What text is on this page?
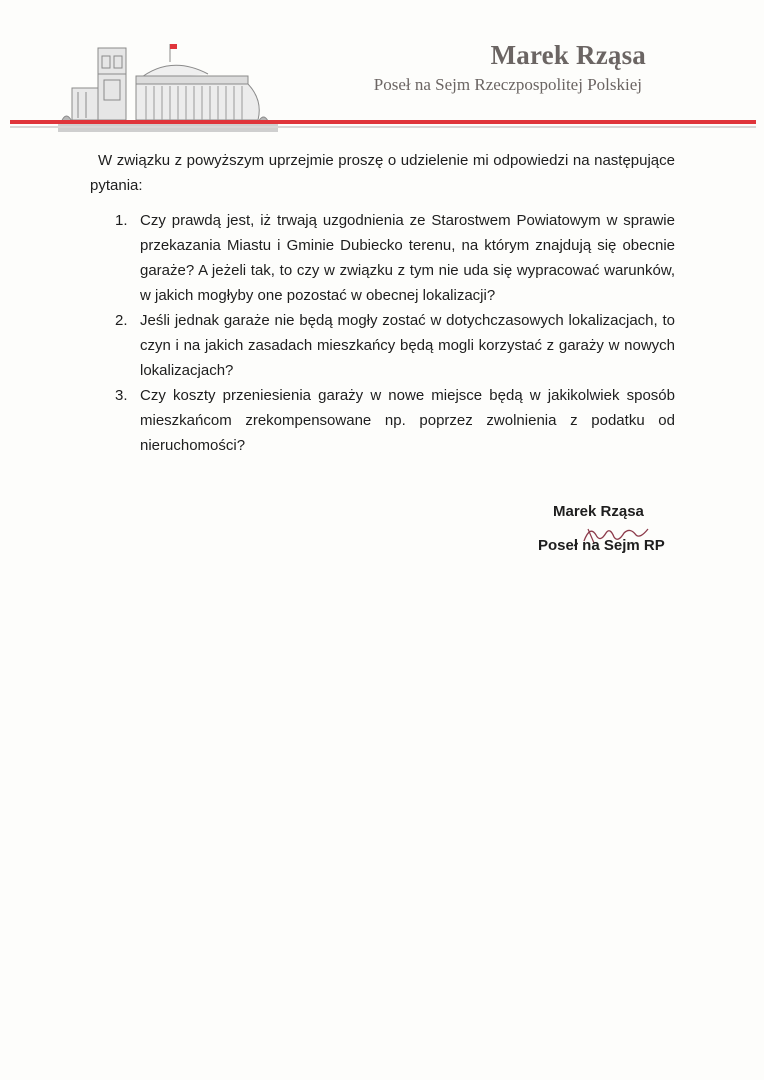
Marek Rząsa
Poseł na Sejm Rzeczpospolitej Polskiej

W związku z powyższym uprzejmie proszę o udzielenie mi odpowiedzi na następujące pytania:

1. Czy prawdą jest, iż trwają uzgodnienia ze Starostwem Powiatowym w sprawie przekazania Miastu i Gminie Dubiecko terenu, na którym znajdują się obecnie garaże? A jeżeli tak, to czy w związku z tym nie uda się wypracować warunków, w jakich mogłyby one pozostać w obecnej lokalizacji?
2. Jeśli jednak garaże nie będą mogły zostać w dotychczasowych lokalizacjach, to czyn i na jakich zasadach mieszkańcy będą mogli korzystać z garaży w nowych lokalizacjach?
3. Czy koszty przeniesienia garaży w nowe miejsce będą w jakikolwiek sposób mieszkańcom zrekompensowane np. poprzez zwolnienia z podatku od nieruchomości?
Marek Rząsa
Poseł na Sejm RP
